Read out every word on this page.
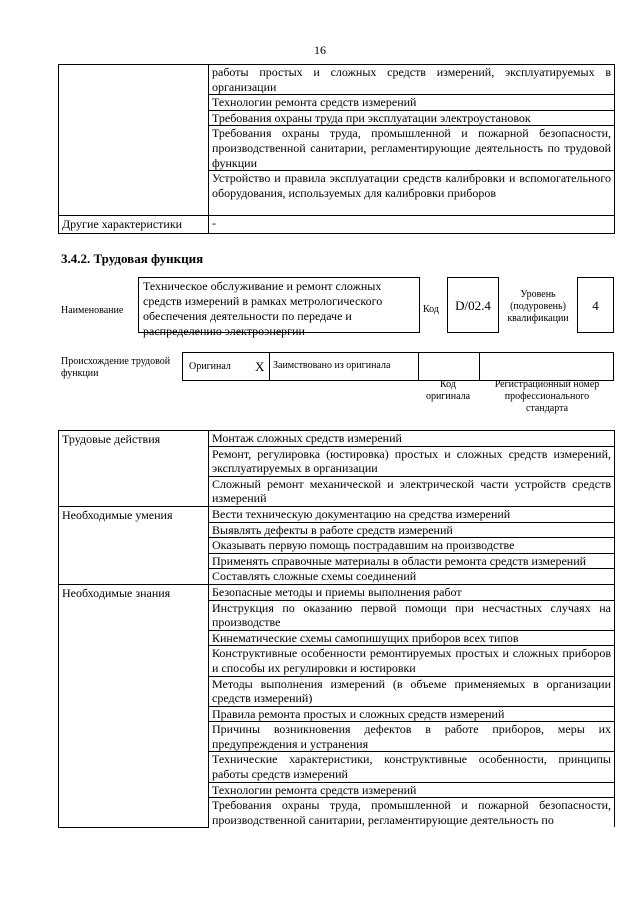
16
	работы простых и сложных средств измерений, эксплуатируемых в организации
	Технологии ремонта средств измерений
	Требования охраны труда при эксплуатации электроустановок
	Требования охраны труда, промышленной и пожарной безопасности, производственной санитарии, регламентирующие деятельность по трудовой функции
	Устройство и правила эксплуатации средств калибровки и вспомогательного оборудования, используемых для калибровки приборов
Другие характеристики	-
3.4.2. Трудовая функция
Наименование
Техническое обслуживание и ремонт сложных средств измерений в рамках метрологического обеспечения деятельности по передаче и распределению электроэнергии
Код	D/02.4
Уровень (подуровень) квалификации
4
Происхождение трудовой функции
Оригинал X Заимствовано из оригинала
Код оригинала
Регистрационный номер профессионального стандарта
Трудовые действия	Монтаж сложных средств измерений
	Ремонт, регулировка (юстировка) простых и сложных средств измерений, эксплуатируемых в организации
	Сложный ремонт механической и электрической части устройств средств измерений
Необходимые умения	Вести техническую документацию на средства измерений
	Выявлять дефекты в работе средств измерений
	Оказывать первую помощь пострадавшим на производстве
	Применять справочные материалы в области ремонта средств измерений
	Составлять сложные схемы соединений
Необходимые знания	Безопасные методы и приемы выполнения работ
	Инструкция по оказанию первой помощи при несчастных случаях на производстве
	Кинематические схемы самопишущих приборов всех типов
	Конструктивные особенности ремонтируемых простых и сложных приборов и способы их регулировки и юстировки
	Методы выполнения измерений (в объеме применяемых в организации средств измерений)
	Правила ремонта простых и сложных средств измерений
	Причины возникновения дефектов в работе приборов, меры их предупреждения и устранения
	Технические характеристики, конструктивные особенности, принципы работы средств измерений
	Технологии ремонта средств измерений
	Требования охраны труда, промышленной и пожарной безопасности, производственной санитарии, регламентирующие деятельность по
